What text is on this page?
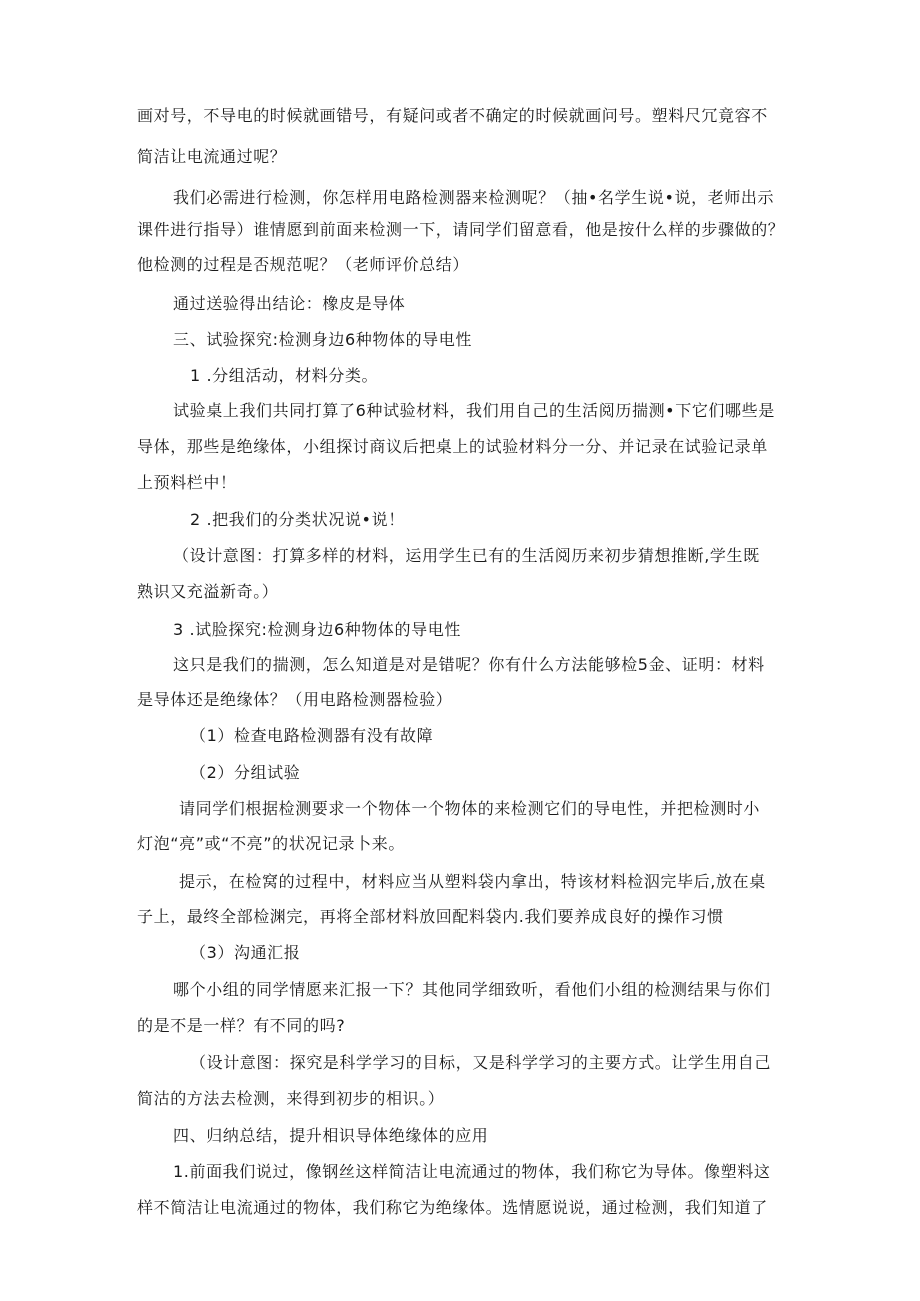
画对号，不导电的时候就画错号，有疑问或者不确定的时候就画问号。塑料尺冗竟容不
简洁让电流通过呢？
我们必需进行检测，你怎样用电路检测器来检测呢？（抽•名学生说•说，老师出示
课件进行指导）谁情愿到前面来检测一下，请同学们留意看，他是按什么样的步骤做的？
他检测的过程是否规范呢？（老师评价总结）
通过送验得出结论：橡皮是导体
三、试验探究:检测身边6种物体的导电性
1 .分组活动，材料分类。
试验桌上我们共同打算了6种试验材料，我们用自己的生活阅历揣测•下它们哪些是
导体，那些是绝缘体，小组探讨商议后把桌上的试验材料分一分、并记录在试验记录单
上预料栏中！
2 .把我们的分类状况说•说！
（设计意图：打算多样的材料，运用学生已有的生活阅历来初步猜想推断,学生既
熟识又充溢新奇。）
3 .试脸探究:检测身边6种物体的导电性
这只是我们的揣测，怎么知道是对是错呢？你有什么方法能够检5金、证明：材料
是导体还是绝缘体？（用电路检测器检验）
（1）检查电路检测器有没有故障
（2）分组试验
请同学们根据检测要求一个物体一个物体的来检测它们的导电性，并把检测时小
灯泡“亮”或“不亮”的状况记录卜来。
提示，在检窝的过程中，材料应当从塑料袋内拿出，特该材料检泅完毕后,放在桌
子上，最终全部检渊完，再将全部材料放回配料袋内.我们要养成良好的操作习惯
（3）沟通汇报
哪个小组的同学情愿来汇报一下？其他同学细致听，看他们小组的检测结果与你们
的是不是一样？有不同的吗?
（设计意图：探究是科学学习的目标，又是科学学习的主要方式。让学生用自己
简沽的方法去检测，来得到初步的相识。）
四、归纳总结，提升相识导体绝缘体的应用
1.前面我们说过，像钢丝这样简洁让电流通过的物体，我们称它为导体。像塑料这
样不简洁让电流通过的物体，我们称它为绝缘体。选情愿说说，通过检测，我们知道了
